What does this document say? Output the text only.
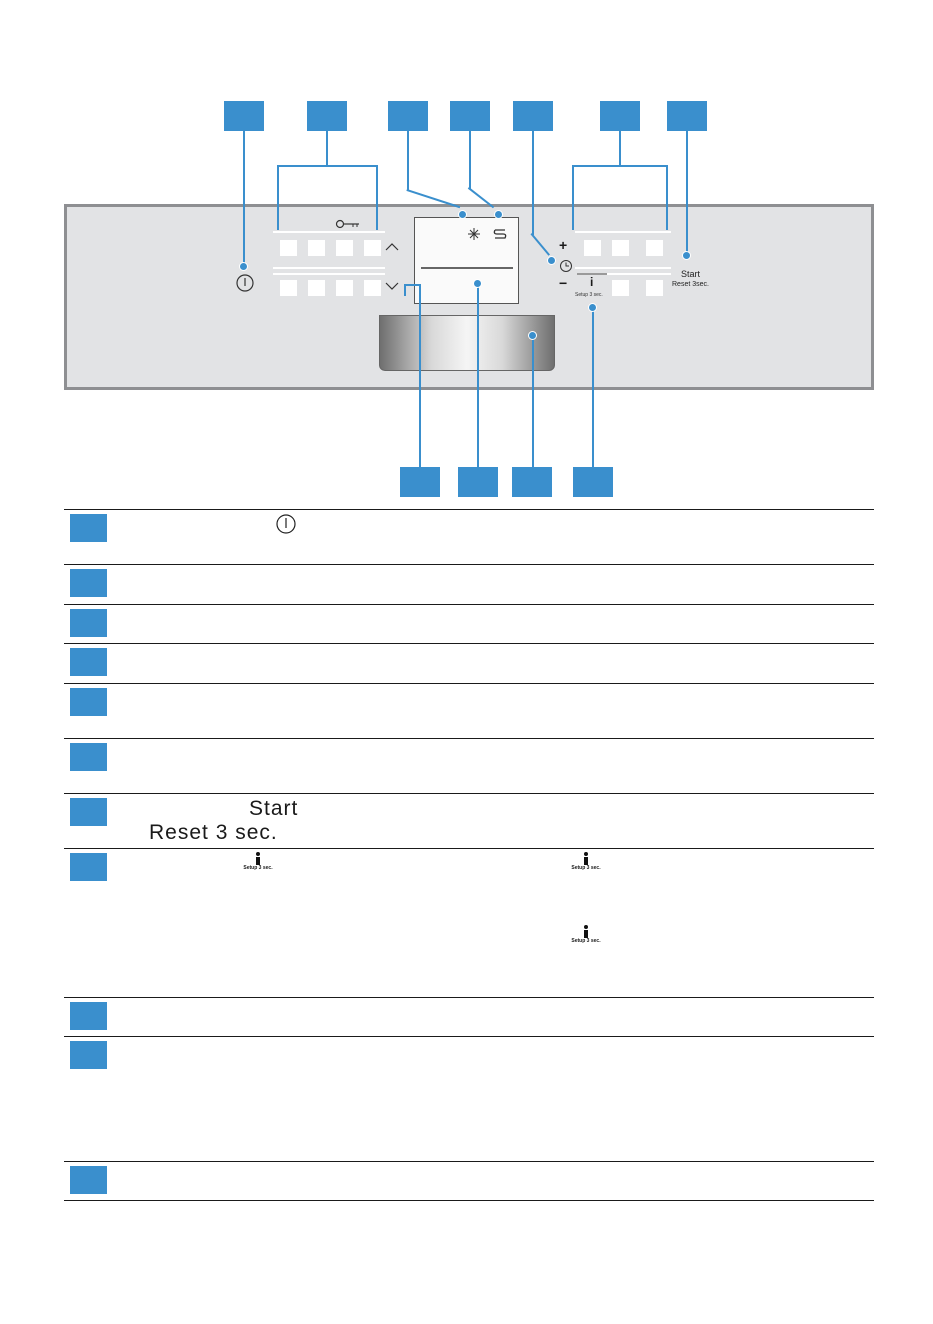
+
− i
Setup 3 sec.
Start
Reset 3sec.
Start
Reset 3 sec.
Setup 3 sec.	Setup 3 sec.
Setup 3 sec.
